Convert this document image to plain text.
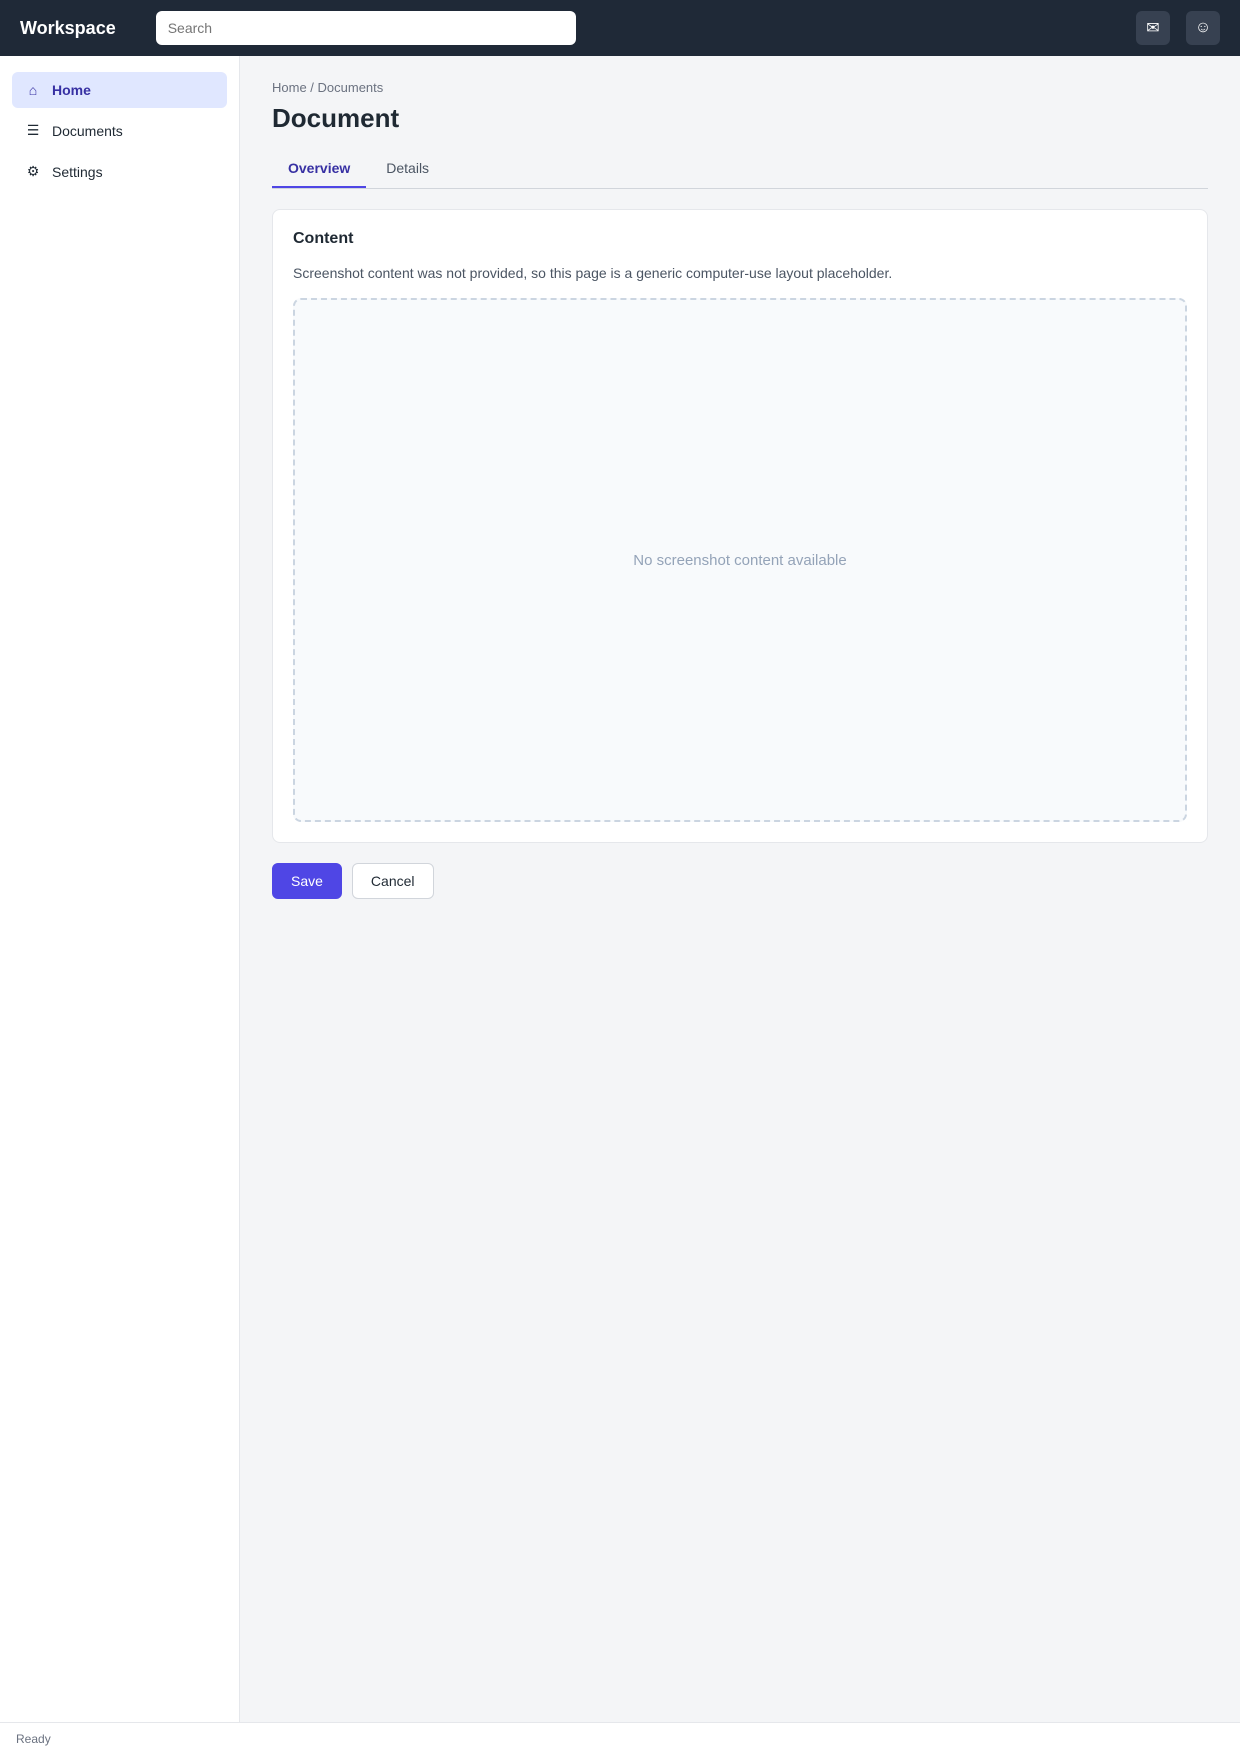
Workspace
Search	✉	☺
⌂	Home
☰ Documents
⚙ Settings
Home / Documents
Document
Overview	Details
Content

Screenshot content was not provided, so this page is a generic computer-use layout placeholder.

No screenshot content available
Save	Cancel
Ready
